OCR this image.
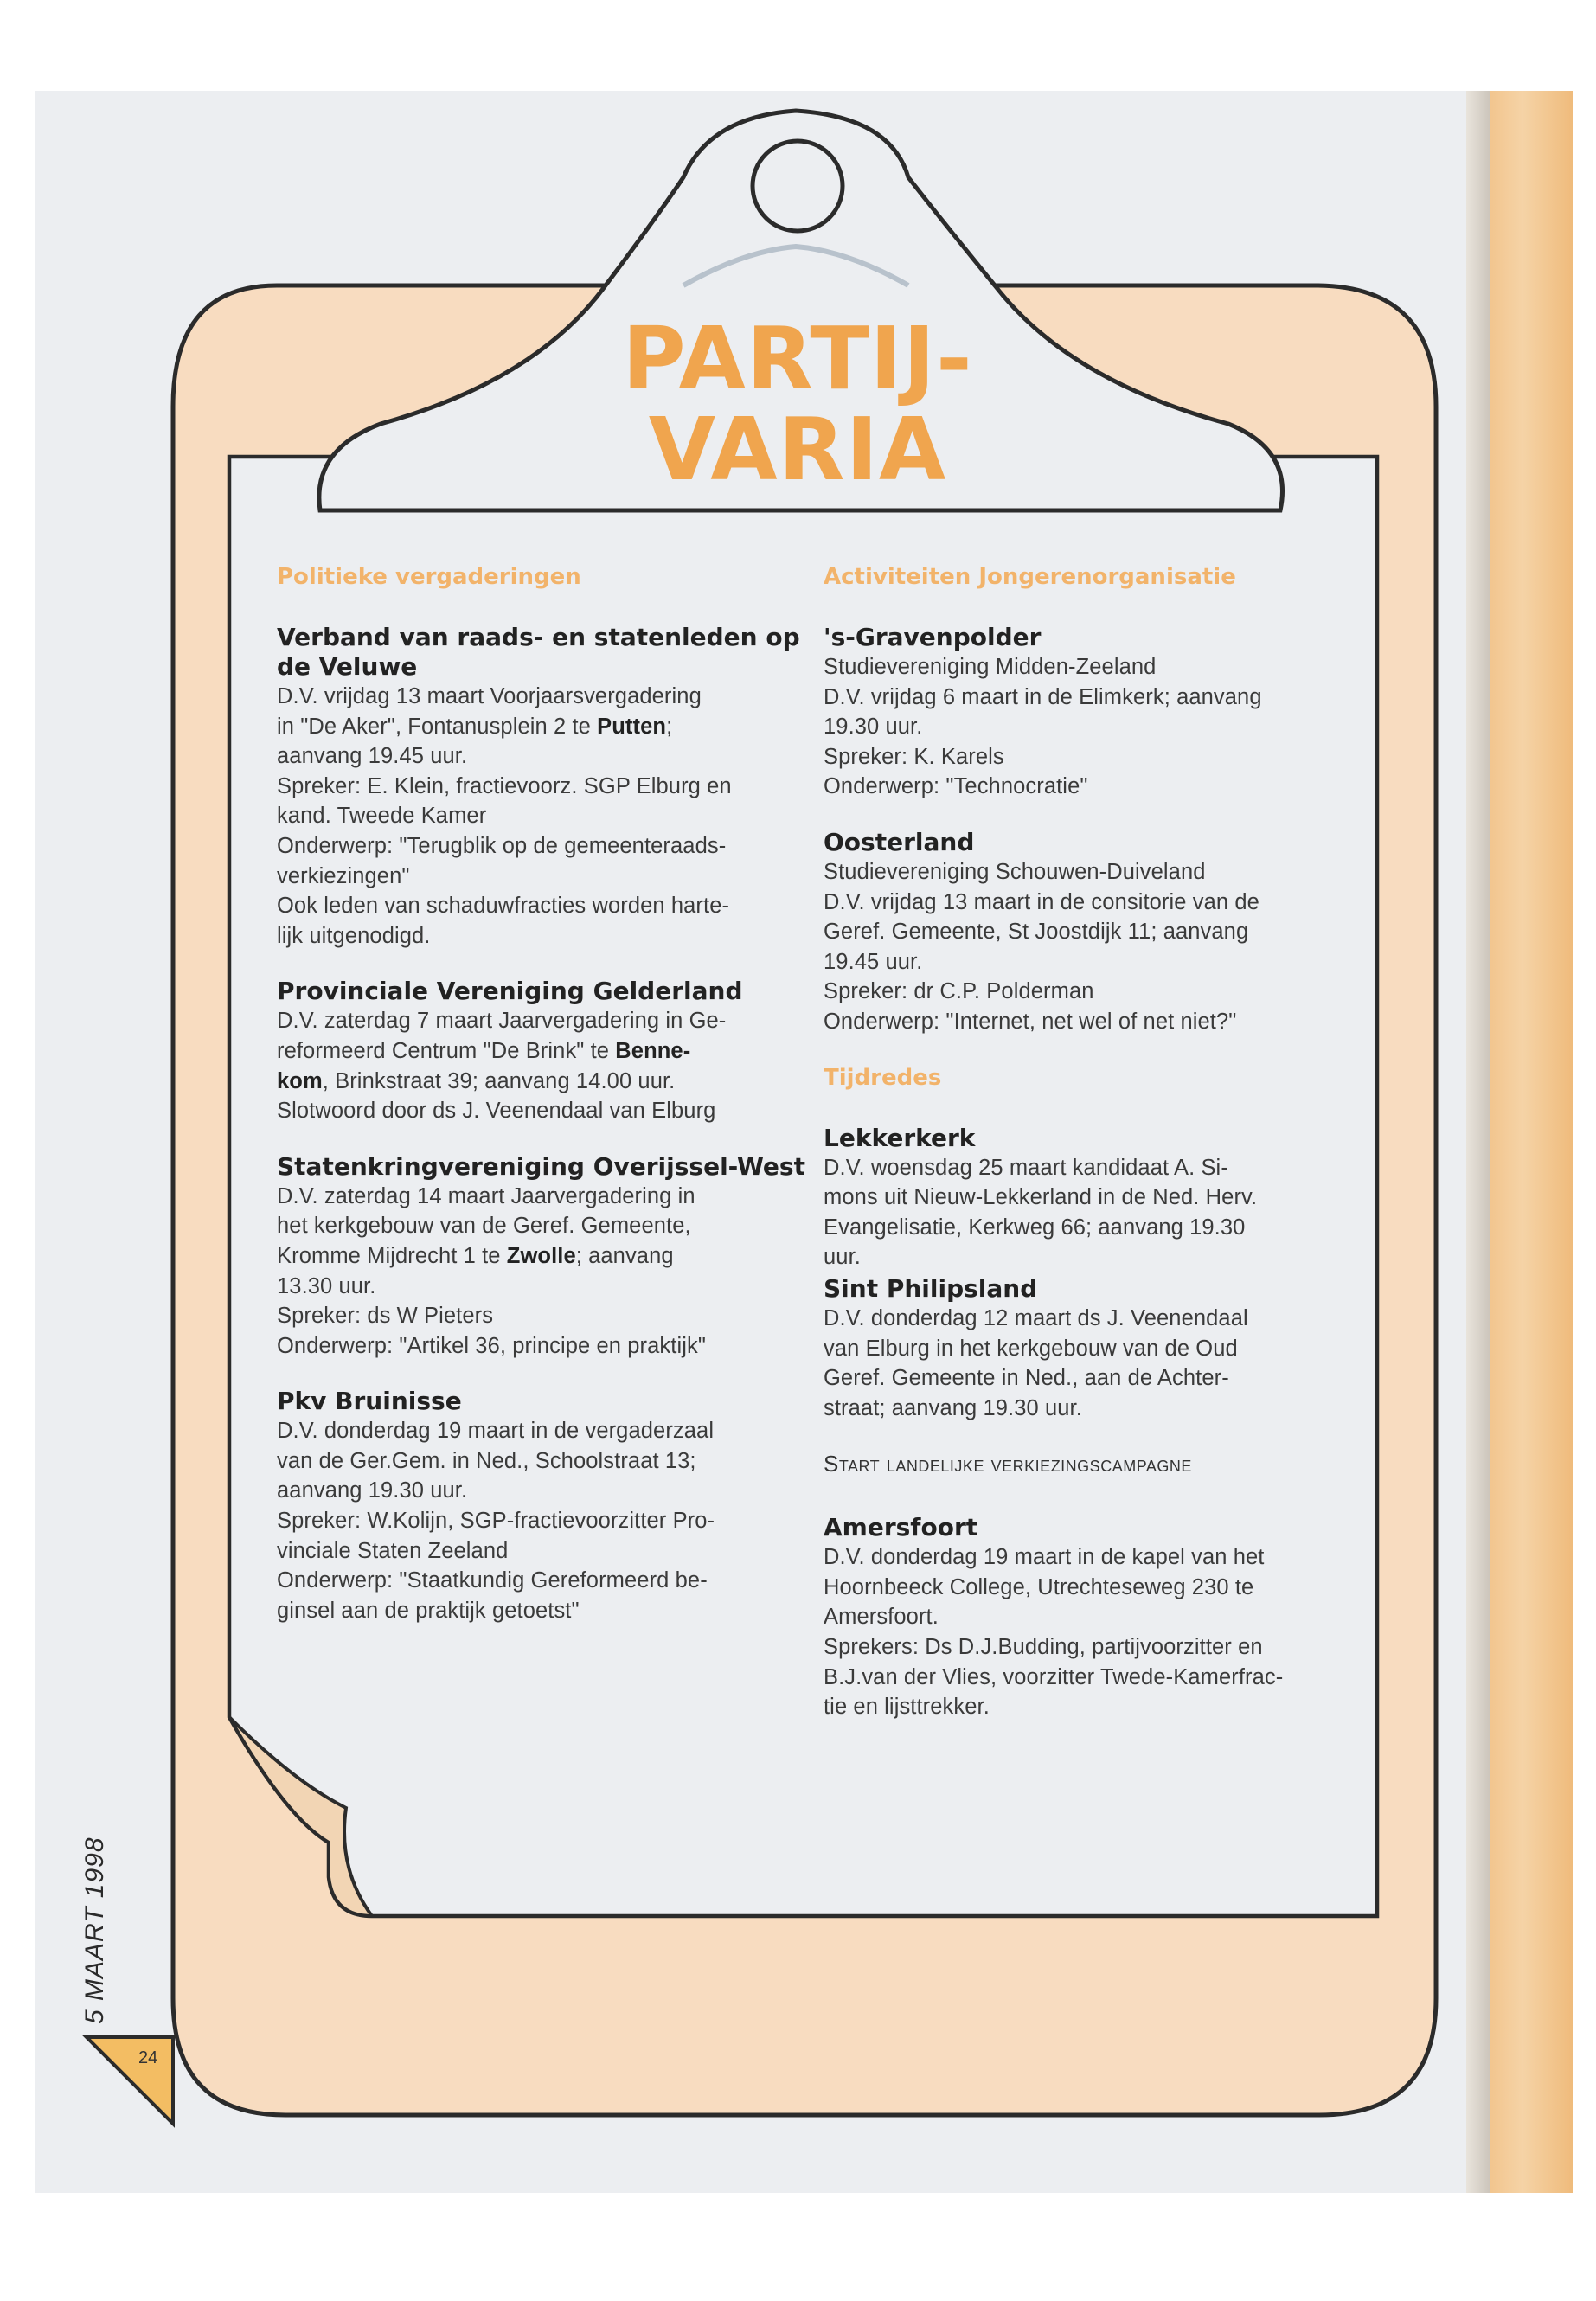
PARTIJ-
VARIA
5 MAART 1998
24
Politieke vergaderingen
Verband van raads- en statenleden op
de Veluwe
D.V. vrijdag 13 maart Voorjaarsvergadering
in "De Aker", Fontanusplein 2 te Putten;
aanvang 19.45 uur.
Spreker: E. Klein, fractievoorz. SGP Elburg en
kand. Tweede Kamer
Onderwerp: "Terugblik op de gemeenteraads-
verkiezingen"
Ook leden van schaduwfracties worden harte-
lijk uitgenodigd.
Provinciale Vereniging Gelderland
D.V. zaterdag 7 maart Jaarvergadering in Ge-
reformeerd Centrum "De Brink" te Benne-
kom, Brinkstraat 39; aanvang 14.00 uur.
Slotwoord door ds J. Veenendaal van Elburg
Statenkringvereniging Overijssel-West
D.V. zaterdag 14 maart Jaarvergadering in
het kerkgebouw van de Geref. Gemeente,
Kromme Mijdrecht 1 te Zwolle; aanvang
13.30 uur.
Spreker: ds W Pieters
Onderwerp: "Artikel 36, principe en praktijk"
Pkv Bruinisse
D.V. donderdag 19 maart in de vergaderzaal
van de Ger.Gem. in Ned., Schoolstraat 13;
aanvang 19.30 uur.
Spreker: W.Kolijn, SGP-fractievoorzitter Pro-
vinciale Staten Zeeland
Onderwerp: "Staatkundig Gereformeerd be-
ginsel aan de praktijk getoetst"
Activiteiten Jongerenorganisatie
's-Gravenpolder
Studievereniging Midden-Zeeland
D.V. vrijdag 6 maart in de Elimkerk; aanvang
19.30 uur.
Spreker: K. Karels
Onderwerp: "Technocratie"
Oosterland
Studievereniging Schouwen-Duiveland
D.V. vrijdag 13 maart in de consitorie van de
Geref. Gemeente, St Joostdijk 11; aanvang
19.45 uur.
Spreker: dr C.P. Polderman
Onderwerp: "Internet, net wel of net niet?"
Tijdredes
Lekkerkerk
D.V. woensdag 25 maart kandidaat A. Si-
mons uit Nieuw-Lekkerland in de Ned. Herv.
Evangelisatie, Kerkweg 66; aanvang 19.30
uur.
Sint Philipsland
D.V. donderdag 12 maart ds J. Veenendaal
van Elburg in het kerkgebouw van de Oud
Geref. Gemeente in Ned., aan de Achter-
straat; aanvang 19.30 uur.
Start landelijke verkiezingscampagne
Amersfoort
D.V. donderdag 19 maart in de kapel van het
Hoornbeeck College, Utrechteseweg 230 te
Amersfoort.
Sprekers: Ds D.J.Budding, partijvoorzitter en
B.J.van der Vlies, voorzitter Twede-Kamerfrac-
tie en lijsttrekker.
